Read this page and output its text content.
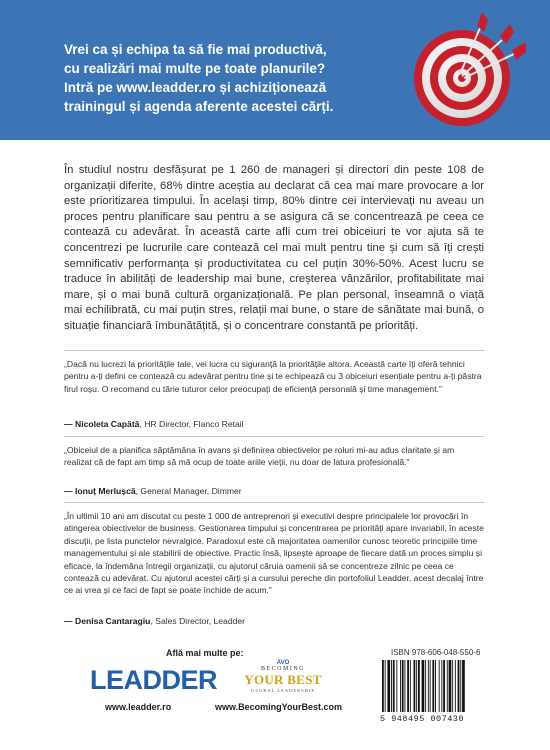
Vrei ca și echipa ta să fie mai productivă,
cu realizări mai multe pe toate planurile?
Intră pe www.leadder.ro și achiziționează
trainingul și agenda aferente acestei cărți.
În studiul nostru desfășurat pe 1 260 de manageri și directori din peste 108 de organizații diferite, 68% dintre aceștia au declarat că cea mai mare provocare a lor este prioritizarea timpului. În același timp, 80% dintre cei intervievați nu aveau un proces pentru planificare sau pentru a se asigura că se concentrează pe ceea ce contează cu adevărat. În această carte afli cum trei obiceiuri te vor ajuta să te concentrezi pe lucrurile care contează cel mai mult pentru tine și cum să îți crești semnificativ performanța și productivitatea cu cel puțin 30%-50%. Acest lucru se traduce în abilități de leadership mai bune, creșterea vânzărilor, profitabilitate mai mare, și o mai bună cultură organizațională. Pe plan personal, înseamnă o viață mai echilibrată, cu mai puțin stres, relații mai bune, o stare de sănătate mai bună, o situație financiară îmbunătățită, și o concentrare constantă pe priorități.
„Dacă nu lucrezi la prioritățile tale, vei lucra cu siguranță la prioritățile altora. Această carte îți oferă tehnici pentru a-ți defini ce contează cu adevărat pentru tine și te echipează cu 3 obiceiuri esențiale pentru a-ți păstra firul roșu. O recomand cu tărie tuturor celor preocupați de eficiență personală și time management.”
— Nicoleta Capătă, HR Director, Flanco Retail
„Obiceiul de a planifica săptămâna în avans și definirea obiectivelor pe roluri mi-au adus claritate și am realizat că de fapt am timp să mă ocup de toate ariile vieții, nu doar de latura profesională.”
— Ionuț Merlușcă, General Manager, Dimmer
„În ultimii 10 ani am discutat cu peste 1 000 de antreprenori și executivi despre principalele lor provocări în atingerea obiectivelor de business. Gestionarea timpului și concentrarea pe priorități apare invariabil, în aceste discuții, pe lista punctelor nevralgice. Paradoxul este că majoritatea oamenilor cunosc teoretic principiile time managementului și ale stabilirii de obiective. Practic însă, lipsește aproape de fiecare dată un proces simplu și eficace, la îndemâna întregii organizații, cu ajutorul căruia oamenii să se concentreze zilnic pe ceea ce contează cu adevărat. Cu ajutorul acestei cărți și a cursului pereche din portofoliul Leadder, acest decalaj între ce ai vrea și ce faci de fapt se poate închide de acum.”
— Denisa Cantaragiu, Sales Director, Leadder
Află mai multe pe:
LEADDER
www.leadder.ro
AVO
BECOMING
YOUR BEST
GLOBAL LEADERSHIP
www.BecomingYourBest.com
ISBN 978-606-048-550-6
5 948495 007430
